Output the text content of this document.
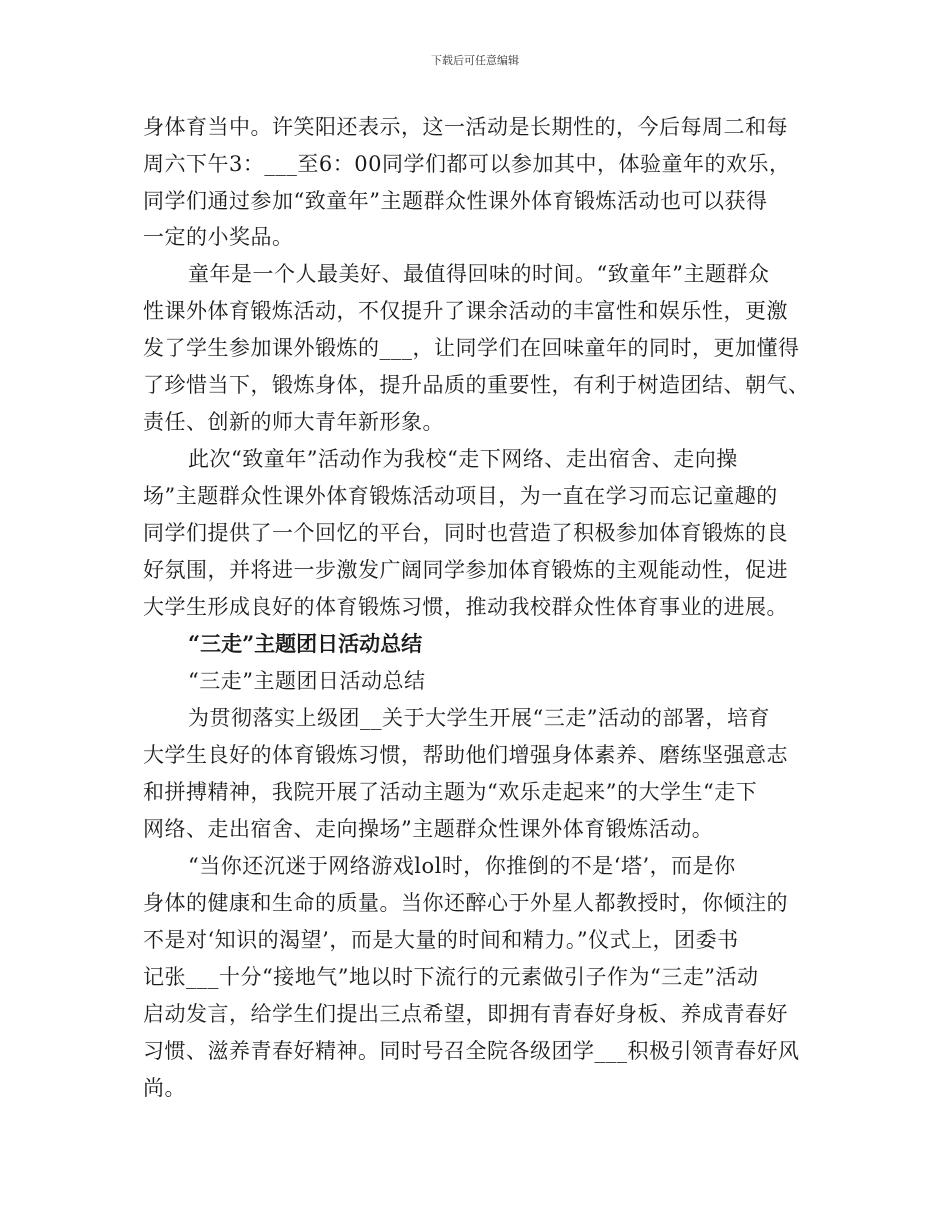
下载后可任意编辑
身体育当中。许笑阳还表示，这一活动是长期性的，今后每周二和每
周六下午3：___至6：00同学们都可以参加其中，体验童年的欢乐，
同学们通过参加“致童年”主题群众性课外体育锻炼活动也可以获得
一定的小奖品。
童年是一个人最美好、最值得回味的时间。“致童年”主题群众
性课外体育锻炼活动，不仅提升了课余活动的丰富性和娱乐性，更激
发了学生参加课外锻炼的___，让同学们在回味童年的同时，更加懂得
了珍惜当下，锻炼身体，提升品质的重要性，有利于树造团结、朝气、
责任、创新的师大青年新形象。
此次“致童年”活动作为我校“走下网络、走出宿舍、走向操
场”主题群众性课外体育锻炼活动项目，为一直在学习而忘记童趣的
同学们提供了一个回忆的平台，同时也营造了积极参加体育锻炼的良
好氛围，并将进一步激发广阔同学参加体育锻炼的主观能动性，促进
大学生形成良好的体育锻炼习惯，推动我校群众性体育事业的进展。
“三走”主题团日活动总结
“三走”主题团日活动总结
为贯彻落实上级团__关于大学生开展“三走”活动的部署，培育
大学生良好的体育锻炼习惯，帮助他们增强身体素养、磨练坚强意志
和拼搏精神，我院开展了活动主题为“欢乐走起来”的大学生“走下
网络、走出宿舍、走向操场”主题群众性课外体育锻炼活动。
“当你还沉迷于网络游戏lol时，你推倒的不是‘塔’，而是你
身体的健康和生命的质量。当你还醉心于外星人都教授时，你倾注的
不是对‘知识的渴望’，而是大量的时间和精力。”仪式上，团委书
记张___十分“接地气”地以时下流行的元素做引子作为“三走”活动
启动发言，给学生们提出三点希望，即拥有青春好身板、养成青春好
习惯、滋养青春好精神。同时号召全院各级团学___积极引领青春好风
尚。
